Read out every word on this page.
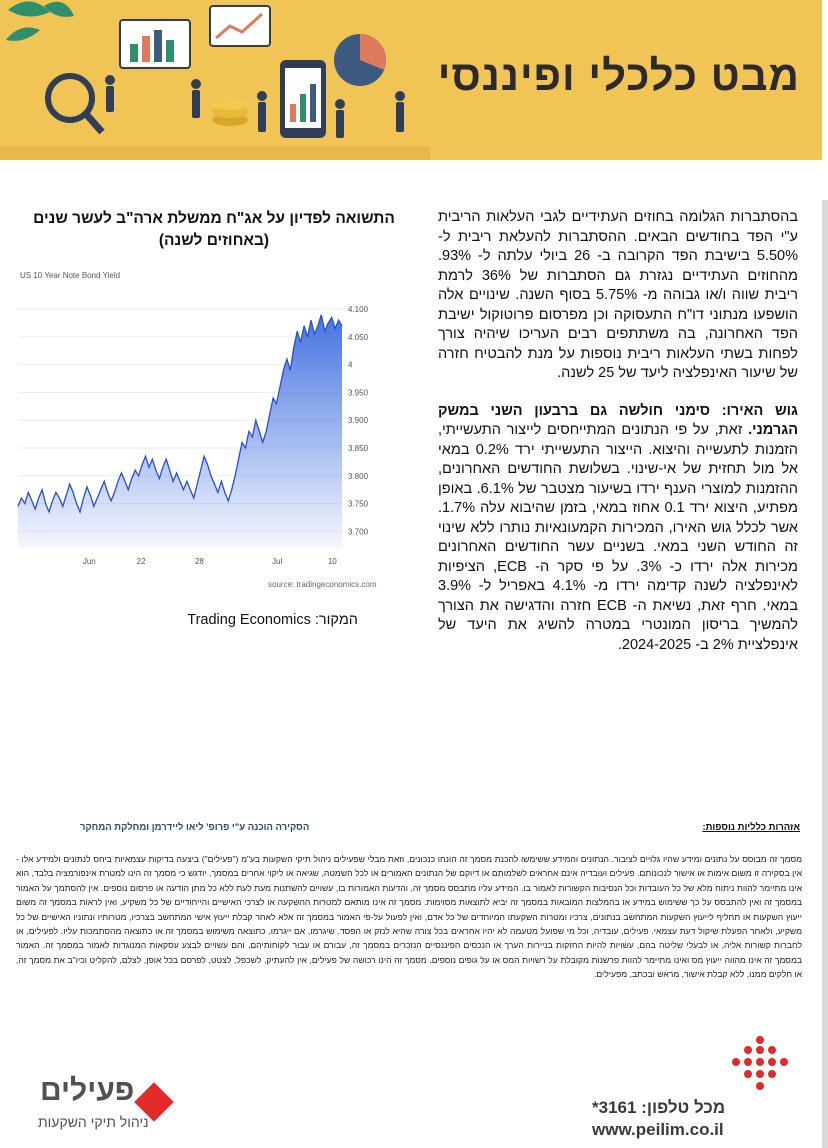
מבט כלכלי ופיננסי

בהסתברות הגלומה בחוזים העתידיים לגבי העלאות הריבית ע"י הפד בחודשים הבאים. ההסתברות להעלאת ריבית ל- 5.50% בישיבת הפד הקרובה ב- 26 ביולי עלתה ל- 93%. מהחוזים העתידיים נגזרת גם הסתברות של 36% לרמת ריבית שווה ו/או גבוהה מ- 5.75% בסוף השנה. שינויים אלה הושפעו מנתוני דו"ח התעסוקה וכן מפרסום פרוטוקול ישיבת הפד האחרונה, בה משתתפים רבים העריכו שיהיה צורך לפחות בשתי העלאות ריבית נוספות על מנת להבטיח חזרה של שיעור האינפלציה ליעד של 25 לשנה.

גוש האירו: סימני חולשה גם ברבעון השני במשק הגרמני. זאת, על פי הנתונים המתייחסים לייצור התעשייתי, הזמנות לתעשייה והיצוא. הייצור התעשייתי ירד 0.2% במאי אל מול תחזית של אי-שינוי. בשלושת החודשים האחרונים, ההזמנות למוצרי הענף ירדו בשיעור מצטבר של 6.1%. באופן מפתיע, היצוא ירד 0.1 אחוז במאי, בזמן שהיבוא עלה 1.7%. אשר לכלל גוש האירו, המכירות הקמעונאיות נותרו ללא שינוי זה החודש השני במאי. בשניים עשר החודשים האחרונים מכירות אלה ירדו כ- 3%. על פי סקר ה- ECB, הציפיות לאינפלציה לשנה קדימה ירדו מ- 4.1% באפריל ל- 3.9% במאי. חרף זאת, נשיאת ה- ECB חזרה והדגישה את הצורך להמשיך בריסון המונטרי במטרה להשיג את היעד של אינפלציית 2% ב- 2024-2025.

התשואה לפדיון על אג"ח ממשלת ארה"ב לעשר שנים
(באחוזים לשנה)
US 10 Year Note Bond Yield
4.100
4.050
4
3.950
3.900
3.850
3.800
3.750
3.700
Jun	22	28	Jul	10
source: tradingeconomics.com
המקור: Trading Economics
אזהרות כלליות נוספות:
הסקירה הוכנה ע"י פרופ' ליאו ליידרמן ומחלקת המחקר
מסמך זה מבוסס על נתונים ומידע שהיו גלויים לציבור. הנתונים והמידע ששימשו להכנת מסמך זה הונחו כנכונים, וזאת מבלי שפעילים ניהול תיקי השקעות בע"מ ("פעילים") ביצעה בדיקות עצמאיות ביחס לנתונים ולמידע אלו - אין בסקירה זו משום אימות או אישור לנכונותם. פעילים ועובדיה אינם אחראים לשלמותם או דיוקם של הנתונים האמורים או לכל השמטה, שגיאה או ליקוי אחרים במסמך. יודגש כי מסמך זה הינו למטרת אינפורמציה בלבד, הוא אינו מתיימר להוות ניתוח מלא של כל העובדות וכל הנסיבות הקשורות לאמור בו. המידע עליו מתבסס מסמך זה, והדעות האמורות בו, עשויים להשתנות מעת לעת ללא כל מתן הודעה או פרסום נוספים. אין להסתמך על האמור במסמך זה ואין להתבסס על כך ששימוש במידע או בהמלצות המובאות במסמך זה יביא לתוצאות מסוימות. מסמך זה אינו מותאם למטרות ההשקעה או לצרכי האישיים והייחודיים של כל משקיע, ואין לראות במסמך זה משום ייעוץ השקעות או תחליף לייעוץ השקעות המתחשב בנתונים, צרכיו ומטרות השקעתו המיוחדים של כל אדם, ואין לפעול על-פי האמור במסמך זה אלא לאחר קבלת ייעוץ אישי המתחשב בצרכיו, מטרותיו ונתוניו האישיים של כל משקיע, ולאחר הפעלת שיקול דעת עצמאי. פעילים, עובדיה, וכל מי שפועל מטעמה לא יהיו אחראים בכל צורה שהיא לנזק או הפסד, שיגרמו, אם ייגרמו, כתוצאה משימוש במסמך זה או כתוצאה מהסתמכות עליו. לפעילים, או לחברות קשורות אליה, או לבעלי שליטה בהם, עשויות להיות החזקות בניירות הערך או הנכסים הפיננסיים הנזכרים במסמך זה, עבורם או עבור לקוחותיהם, והם עשויים לבצע עסקאות המנוגדות לאמור במסמך זה. האמור במסמך זה אינו מהווה ייעוץ מס ואינו מתיימר להוות פרשנות מקובלת על רשויות המס או על גופים נוספים. מסמך זה הינו רכושה של פעילים, אין להעתיק, לשכפל, לצטט, לפרסם בכל אופן, לצלם, להקליט וכיו"ב את מסמך זה, או חלקים ממנו, ללא קבלת אישור, מראש ובכתב, מפעילים.
פעילים
ניהול תיקי השקעות
מכל טלפון: 3161*
www.peilim.co.il
